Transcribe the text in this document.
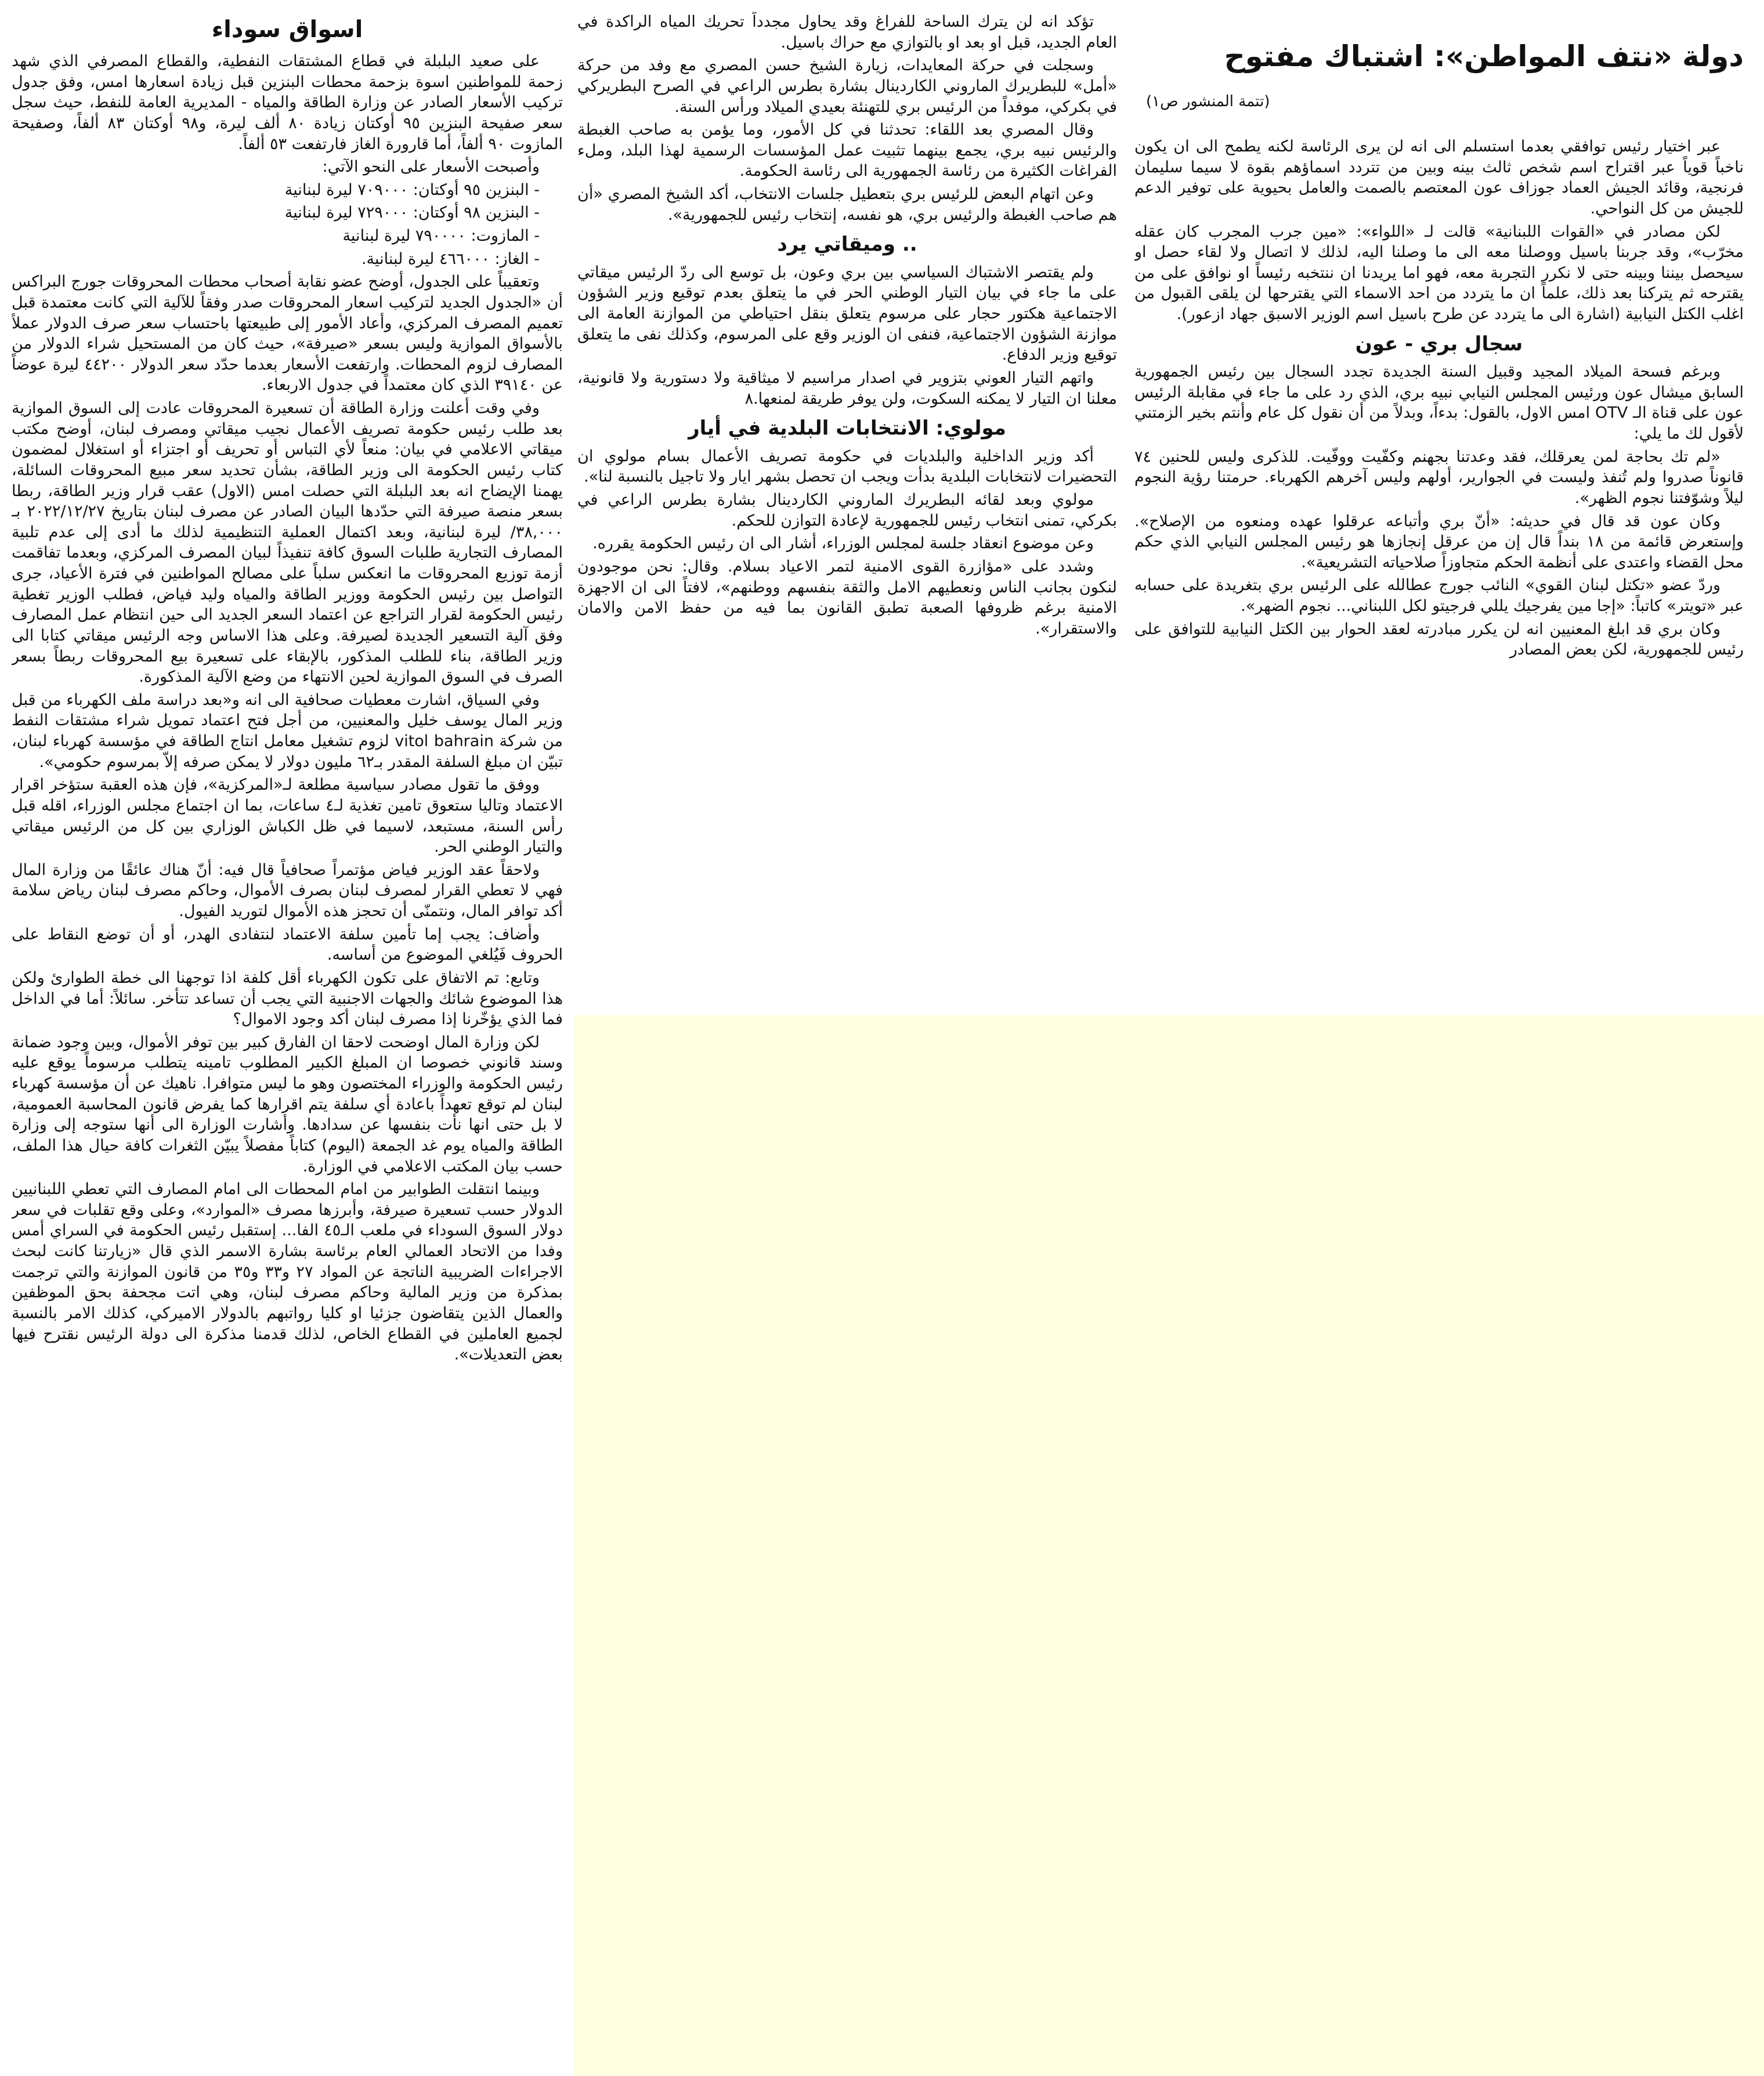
دولة «نتف المواطن»: اشتباك مفتوح
(تتمة المنشور ص١)

عبر اختيار رئيس توافقي بعدما استسلم الى انه لن يرى الرئاسة لكنه يطمح الى ان يكون ناخباً قوياً عبر اقتراح اسم شخص ثالث بينه وبين من تتردد اسماؤهم بقوة لا سيما سليمان فرنجية، وقائد الجيش العماد جوزاف عون المعتصم بالصمت والعامل بحيوية على توفير الدعم للجيش من كل النواحي.

لكن مصادر في «القوات اللبنانية» قالت لـ «اللواء»: «مين جرب المجرب كان عقله مخرّب»، وقد جربنا باسيل ووصلنا معه الى ما وصلنا اليه، لذلك لا اتصال ولا لقاء حصل او سيحصل بيننا وبينه حتى لا نكرر التجربة معه، فهو اما يريدنا ان ننتخبه رئيساً او نوافق على من يقترحه ثم يتركنا بعد ذلك، علماً ان ما يتردد من احد الاسماء التي يقترحها لن يلقى القبول من اغلب الكتل النيابية (اشارة الى ما يتردد عن طرح باسيل اسم الوزير الاسبق جهاد ازعور).

سجال بري - عون

وبرغم فسحة الميلاد المجيد وقبيل السنة الجديدة تجدد السجال بين رئيس الجمهورية السابق ميشال عون ورئيس المجلس النيابي نبيه بري، الذي رد على ما جاء في مقابلة الرئيس عون على قناة الـ OTV امس الاول، بالقول: بدءاً، وبدلاً من أن نقول كل عام وأنتم بخير الزمتني لأقول لك ما يلي:

«لم تك بحاجة لمن يعرقلك، فقد وعدتنا بجهنم وكفّيت ووفّيت. للذكرى وليس للحنين ٧٤ قانوناً صدروا ولم تُنفذ وليست في الجوارير، أولهم وليس آخرهم الكهرباء. حرمتنا رؤية النجوم ليلاً وشوّفتنا نجوم الظهر».

وكان عون قد قال في حديثه: «أنّ بري وأتباعه عرقلوا عهده ومنعوه من الإصلاح». وإستعرض قائمة من ١٨ بنداً قال إن من عرقل إنجازها هو رئيس المجلس النيابي الذي حكم محل القضاء واعتدى على أنظمة الحكم متجاوزاً صلاحياته التشريعية».

وردّ عضو «تكتل لبنان القوي» النائب جورج عطالله على الرئيس بري بتغريدة على حسابه عبر «تويتر» كاتباً: «إجا مين يفرجيك يللي فرجيتو لكل اللبناني... نجوم الضهر».

وكان بري قد ابلغ المعنيين انه لن يكرر مبادرته لعقد الحوار بين الكتل النيابية للتوافق على رئيس للجمهورية، لكن بعض المصادر

تؤكد انه لن يترك الساحة للفراغ وقد يحاول مجدداً تحريك المياه الراكدة في العام الجديد، قبل او بعد او بالتوازي مع حراك باسيل.

وسجلت في حركة المعايدات، زيارة الشيخ حسن المصري مع وفد من حركة «أمل» للبطريرك الماروني الكاردينال بشارة بطرس الراعي في الصرح البطريركي في بكركي، موفداً من الرئيس بري للتهنئة بعيدي الميلاد ورأس السنة.

وقال المصري بعد اللقاء: تحدثنا في كل الأمور، وما يؤمن به صاحب الغبطة والرئيس نبيه بري، يجمع بينهما تثبيت عمل المؤسسات الرسمية لهذا البلد، وملء الفراغات الكثيرة من رئاسة الجمهورية الى رئاسة الحكومة.

وعن اتهام البعض للرئيس بري بتعطيل جلسات الانتخاب، أكد الشيخ المصري «أن هم صاحب الغبطة والرئيس بري، هو نفسه، إنتخاب رئيس للجمهورية».

.. وميقاتي يرد

ولم يقتصر الاشتباك السياسي بين بري وعون، بل توسع الى ردّ الرئيس ميقاتي على ما جاء في بيان التيار الوطني الحر في ما يتعلق بعدم توقيع وزير الشؤون الاجتماعية هكتور حجار على مرسوم يتعلق بنقل احتياطي من الموازنة العامة الى موازنة الشؤون الاجتماعية، فنفى ان الوزير وقع على المرسوم، وكذلك نفى ما يتعلق توقيع وزير الدفاع.

واتهم التيار العوني بتزوير في اصدار مراسيم لا ميثاقية ولا دستورية ولا قانونية، معلنا ان التيار لا يمكنه السكوت، ولن يوفر طريقة لمنعها.٨

مولوي: الانتخابات البلدية في أيار

أكد وزير الداخلية والبلديات في حكومة تصريف الأعمال بسام مولوي ان التحضيرات لانتخابات البلدية بدأت ويجب ان تحصل بشهر ايار ولا تاجيل بالنسبة لنا».

مولوي وبعد لقائه البطريرك الماروني الكاردينال بشارة بطرس الراعي في بكركي، تمنى انتخاب رئيس للجمهورية لإعادة التوازن للحكم.

وعن موضوع انعقاد جلسة لمجلس الوزراء، أشار الى ان رئيس الحكومة يقرره.

وشدد على «مؤازرة القوى الامنية لتمر الاعياد بسلام. وقال: نحن موجودون لنكون بجانب الناس ونعطيهم الامل والثقة بنفسهم ووطنهم»، لافتاً الى ان الاجهزة الامنية برغم ظروفها الصعبة تطبق القانون بما فيه من حفظ الامن والامان والاستقرار».

اسواق سوداء

على صعيد البلبلة في قطاع المشتقات النفطية، والقطاع المصرفي الذي شهد زحمة للمواطنين اسوة بزحمة محطات البنزين قبل زيادة اسعارها امس، وفق جدول تركيب الأسعار الصادر عن وزارة الطاقة والمياه - المديرية العامة للنفط، حيث سجل سعر صفيحة البنزين ٩٥ أوكتان زيادة ٨٠ ألف ليرة، و٩٨ أوكتان ٨٣ ألفاً، وصفيحة المازوت ٩٠ ألفاً، أما قارورة الغاز فارتفعت ٥٣ ألفاً.

وأصبحت الأسعار على النحو الآتي:

- البنزين ٩٥ أوكتان: ٧٠٩٠٠٠ ليرة لبنانية

- البنزين ٩٨ أوكتان: ٧٢٩٠٠٠ ليرة لبنانية

- المازوت: ٧٩٠٠٠٠ ليرة لبنانية

- الغاز: ٤٦٦٠٠٠ ليرة لبنانية.

وتعقيباً على الجدول، أوضح عضو نقابة أصحاب محطات المحروقات جورج البراكس أن «الجدول الجديد لتركيب اسعار المحروقات صدر وفقاً للآلية التي كانت معتمدة قبل تعميم المصرف المركزي، وأعاد الأمور إلى طبيعتها باحتساب سعر صرف الدولار عملاً بالأسواق الموازية وليس بسعر «صيرفة»، حيث كان من المستحيل شراء الدولار من المصارف لزوم المحطات. وارتفعت الأسعار بعدما حدّد سعر الدولار ٤٤٢٠٠ ليرة عوضاً عن ٣٩١٤٠ الذي كان معتمداً في جدول الاربعاء.

وفي وقت أعلنت وزارة الطاقة أن تسعيرة المحروقات عادت إلى السوق الموازية بعد طلب رئيس حكومة تصريف الأعمال نجيب ميقاتي ومصرف لبنان، أوضح مكتب ميقاتي الاعلامي في بيان: منعاً لأي التباس أو تحريف أو اجتزاء أو استغلال لمضمون كتاب رئيس الحكومة الى وزير الطاقة، بشأن تحديد سعر مبيع المحروقات السائلة، يهمنا الإيضاح انه بعد البلبلة التي حصلت امس (الاول) عقب قرار وزير الطاقة، ربطا بسعر منصة صيرفة التي حدّدها البيان الصادر عن مصرف لبنان بتاريخ ٢٠٢٢/١٢/٢٧ بـ ٣٨,٠٠٠/ ليرة لبنانية، وبعد اكتمال العملية التنظيمية لذلك ما أدى إلى عدم تلبية المصارف التجارية طلبات السوق كافة تنفيذاً لبيان المصرف المركزي، وبعدما تفاقمت أزمة توزيع المحروقات ما انعكس سلباً على مصالح المواطنين في فترة الأعياد، جرى التواصل بين رئيس الحكومة ووزير الطاقة والمياه وليد فياض، فطلب الوزير تغطية رئيس الحكومة لقرار التراجع عن اعتماد السعر الجديد الى حين انتظام عمل المصارف وفق آلية التسعير الجديدة لصيرفة. وعلى هذا الاساس وجه الرئيس ميقاتي كتابا الى وزير الطاقة، بناء للطلب المذكور، بالإبقاء على تسعيرة بيع المحروقات ربطاً بسعر الصرف في السوق الموازية لحين الانتهاء من وضع الآلية المذكورة.

وفي السياق، اشارت معطيات صحافية الى انه و«بعد دراسة ملف الكهرباء من قبل وزير المال يوسف خليل والمعنيين، من أجل فتح اعتماد تمويل شراء مشتقات النفط من شركة vitol bahrain لزوم تشغيل معامل انتاج الطاقة في مؤسسة كهرباء لبنان، تبيّن ان مبلغ السلفة المقدر بـ٦٢ مليون دولار لا يمكن صرفه إلاّ بمرسوم حكومي».

ووفق ما تقول مصادر سياسية مطلعة لـ«المركزية»، فإن هذه العقبة ستؤخر اقرار الاعتماد وتاليا ستعوق تامين تغذية لـ٤ ساعات، بما ان اجتماع مجلس الوزراء، اقله قبل رأس السنة، مستبعد، لاسيما في ظل الكباش الوزاري بين كل من الرئيس ميقاتي والتيار الوطني الحر.

ولاحقاً عقد الوزير فياض مؤتمراً صحافياً قال فيه: أنّ هناك عائقًا من وزارة المال فهي لا تعطي القرار لمصرف لبنان بصرف الأموال، وحاكم مصرف لبنان رياض سلامة أكد توافر المال، ونتمنّى أن تحجز هذه الأموال لتوريد الفيول.

وأضاف: يجب إما تأمين سلفة الاعتماد لنتفادى الهدر، أو أن توضع النقاط على الحروف فَيُلغي الموضوع من أساسه.

وتابع: تم الاتفاق على تكون الكهرباء أقل كلفة اذا توجهنا الى خطة الطوارئ ولكن هذا الموضوع شائك والجهات الاجنبية التي يجب أن تساعد تتأخر. سائلاً: أما في الداخل فما الذي يؤخّرنا إذا مصرف لبنان أكد وجود الاموال؟

لكن وزارة المال اوضحت لاحقا ان الفارق كبير بين توفر الأموال، وبين وجود ضمانة وسند قانوني خصوصا ان المبلغ الكبير المطلوب تامينه يتطلب مرسوماً يوقع عليه رئيس الحكومة والوزراء المختصون وهو ما ليس متوافرا. ناهيك عن أن مؤسسة كهرباء لبنان لم توقع تعهداً باعادة أي سلفة يتم اقرارها كما يفرض قانون المحاسبة العمومية، لا بل حتى انها نأت بنفسها عن سدادها. وأشارت الوزارة الى أنها ستوجه إلى وزارة الطاقة والمياه يوم غد الجمعة (اليوم) كتاباً مفصلاً يبيّن الثغرات كافة حيال هذا الملف، حسب بيان المكتب الاعلامي في الوزارة.

وبينما انتقلت الطوابير من امام المحطات الى امام المصارف التي تعطي اللبنانيين الدولار حسب تسعيرة صيرفة، وأبرزها مصرف «الموارد»، وعلى وقع تقلبات في سعر دولار السوق السوداء في ملعب الـ٤٥ الفا... إستقبل رئيس الحكومة في السراي أمس وفدا من الاتحاد العمالي العام برئاسة بشارة الاسمر الذي قال «زيارتنا كانت لبحث الاجراءات الضريبية الناتجة عن المواد ٢٧ و٣٣ و٣٥ من قانون الموازنة والتي ترجمت بمذكرة من وزير المالية وحاكم مصرف لبنان، وهي اتت مجحفة بحق الموظفين والعمال الذين يتقاضون جزئيا او كليا رواتبهم بالدولار الاميركي، كذلك الامر بالنسبة لجميع العاملين في القطاع الخاص، لذلك قدمنا مذكرة الى دولة الرئيس نقترح فيها بعض التعديلات».
